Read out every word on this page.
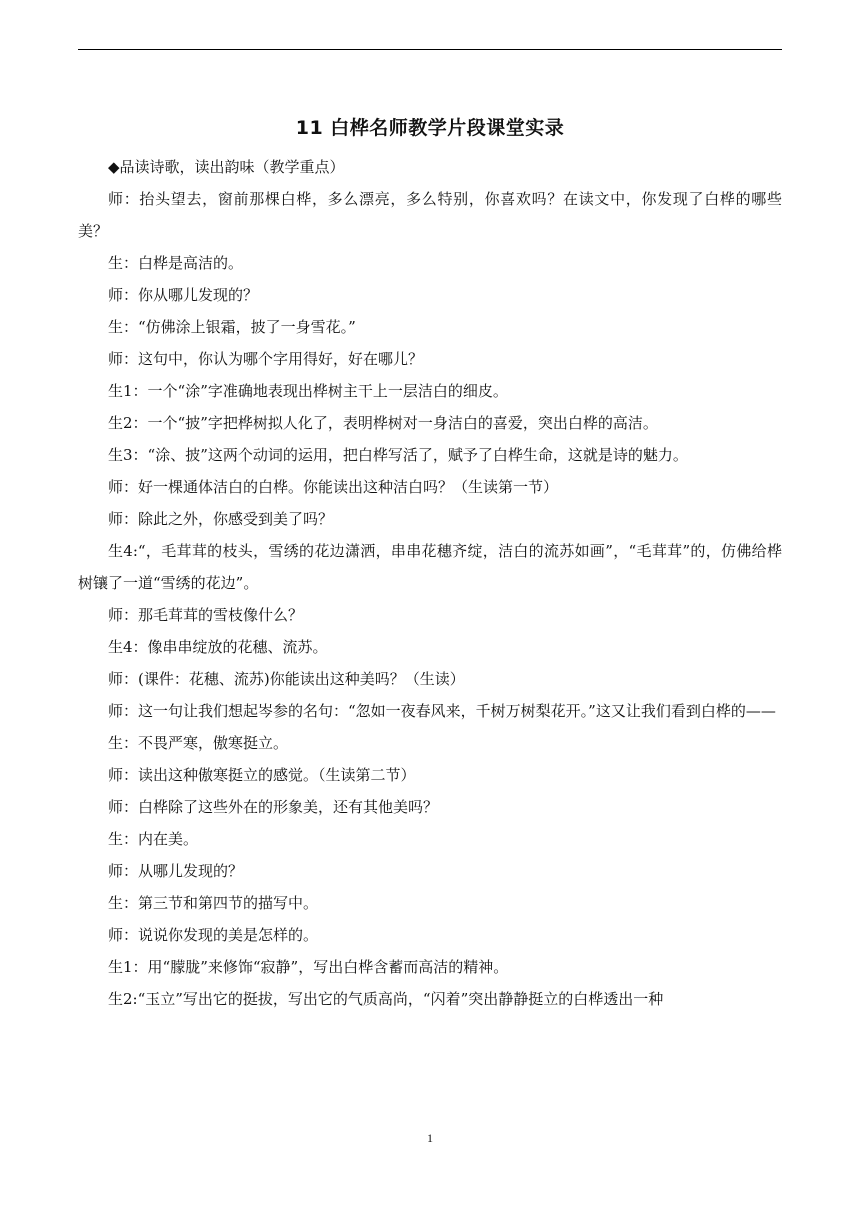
11 白桦名师教学片段课堂实录

◆品读诗歌，读出韵味（教学重点）

师：抬头望去，窗前那棵白桦，多么漂亮，多么特别，你喜欢吗？在读文中，你发现了白桦的哪些美？

生：白桦是高洁的。

师：你从哪儿发现的？

生：“仿佛涂上银霜，披了一身雪花。”

师：这句中，你认为哪个字用得好，好在哪儿？

生1：一个“涂”字准确地表现出桦树主干上一层洁白的细皮。

生2：一个“披”字把桦树拟人化了，表明桦树对一身洁白的喜爱，突出白桦的高洁。

生3：“涂、披”这两个动词的运用，把白桦写活了，赋予了白桦生命，这就是诗的魅力。

师：好一棵通体洁白的白桦。你能读出这种洁白吗？（生读第一节）

师：除此之外，你感受到美了吗？

生4:“，毛茸茸的枝头，雪绣的花边潇洒，串串花穗齐绽，洁白的流苏如画”，“毛茸茸”的，仿佛给桦树镶了一道“雪绣的花边”。

师：那毛茸茸的雪枝像什么？

生4：像串串绽放的花穗、流苏。

师：(课件：花穗、流苏)你能读出这种美吗？（生读）

师：这一句让我们想起岑参的名句：“忽如一夜春风来，千树万树梨花开。”这又让我们看到白桦的——

生：不畏严寒，傲寒挺立。

师：读出这种傲寒挺立的感觉。（生读第二节）

师：白桦除了这些外在的形象美，还有其他美吗？

生：内在美。

师：从哪儿发现的？

生：第三节和第四节的描写中。

师：说说你发现的美是怎样的。

生1：用“朦胧”来修饰“寂静”，写出白桦含蓄而高洁的精神。

生2:“玉立”写出它的挺拔，写出它的气质高尚，“闪着”突出静静挺立的白桦透出一种

1
